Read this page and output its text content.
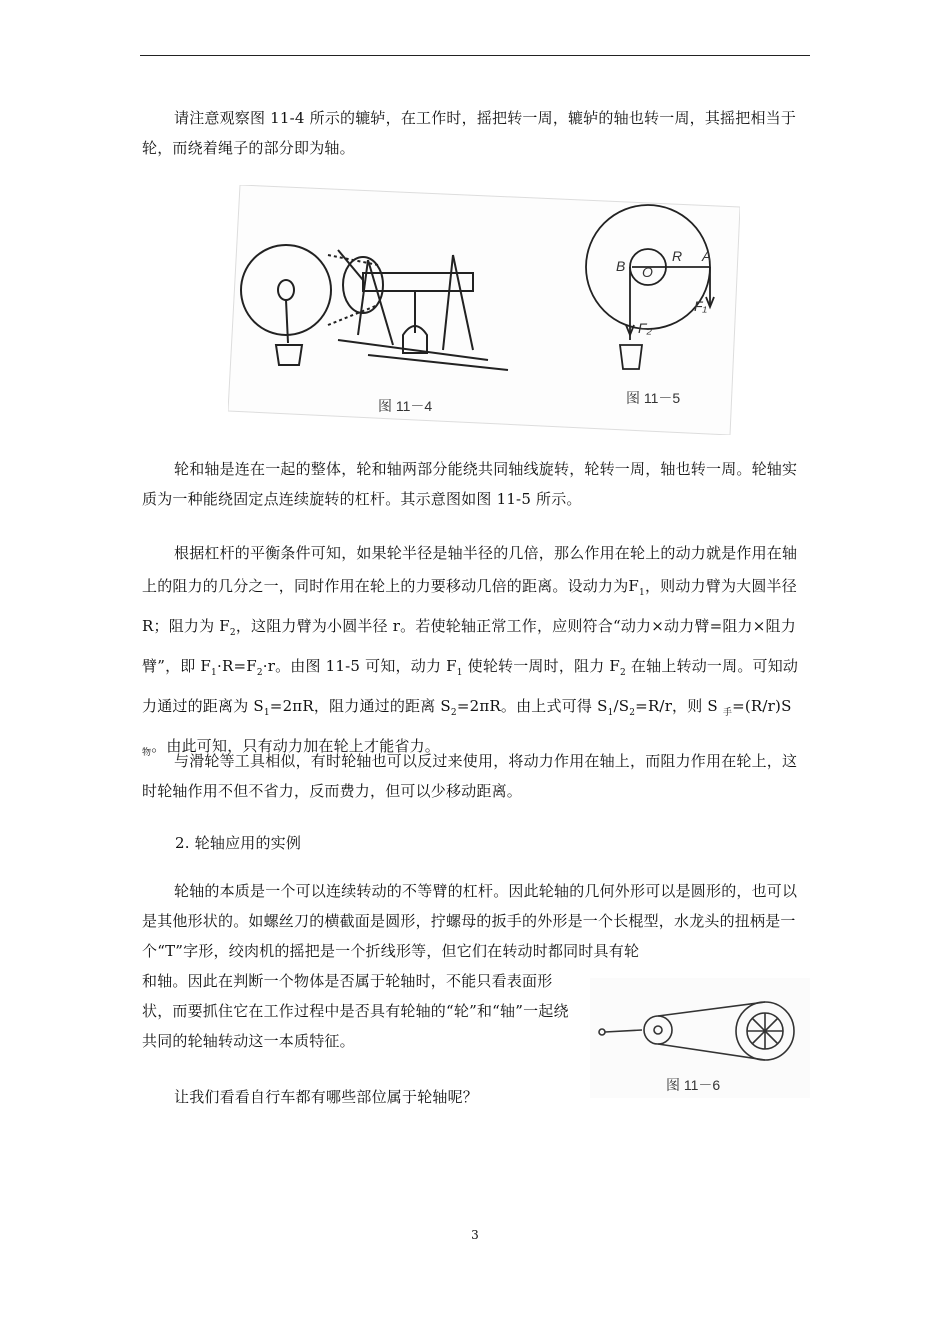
请注意观察图 11-4 所示的辘轳，在工作时，摇把转一周，辘轳的轴也转一周，其摇把相当于轮，而绕着绳子的部分即为轴。

图 11－4
B O
R A
F₁
F₂
图 11－5

轮和轴是连在一起的整体，轮和轴两部分能绕共同轴线旋转，轮转一周，轴也转一周。轮轴实质为一种能绕固定点连续旋转的杠杆。其示意图如图 11-5 所示。

根据杠杆的平衡条件可知，如果轮半径是轴半径的几倍，那么作用在轮上的动力就是作用在轴上的阻力的几分之一，同时作用在轮上的力要移动几倍的距离。设动力为$F_1$，则动力臂为大圆半径 R；阻力为 $F_2$，这阻力臂为小圆半径 r。若使轮轴正常工作，应则符合“动力×动力臂=阻力×阻力臂”，即 $F_1\cdot R=F_2\cdot r$。由图 11-5 可知，动力 $F_1$ 使轮转一周时，阻力 $F_2$ 在轴上转动一周。可知动力通过的距离为 $S_1=2\pi R$，阻力通过的距离 $S_2=2\pi R$。由上式可得 $S_1/S_2=R/r$，则 S $_手$=(R/r)S $_物$。由此可知，只有动力加在轮上才能省力。

与滑轮等工具相似，有时轮轴也可以反过来使用，将动力作用在轴上，而阻力作用在轮上，这时轮轴作用不但不省力，反而费力，但可以少移动距离。

2. 轮轴应用的实例

轮轴的本质是一个可以连续转动的不等臂的杠杆。因此轮轴的几何外形可以是圆形的，也可以是其他形状的。如螺丝刀的横截面是圆形，拧螺母的扳手的外形是一个长棍型，水龙头的扭柄是一个“T”字形，绞肉机的摇把是一个折线形等，但它们在转动时都同时具有轮

和轴。因此在判断一个物体是否属于轮轴时，不能只看表面形状，而要抓住它在工作过程中是否具有轮轴的“轮”和“轴”一起绕共同的轮轴转动这一本质特征。

图 11－6

让我们看看自行车都有哪些部位属于轮轴呢？

3
